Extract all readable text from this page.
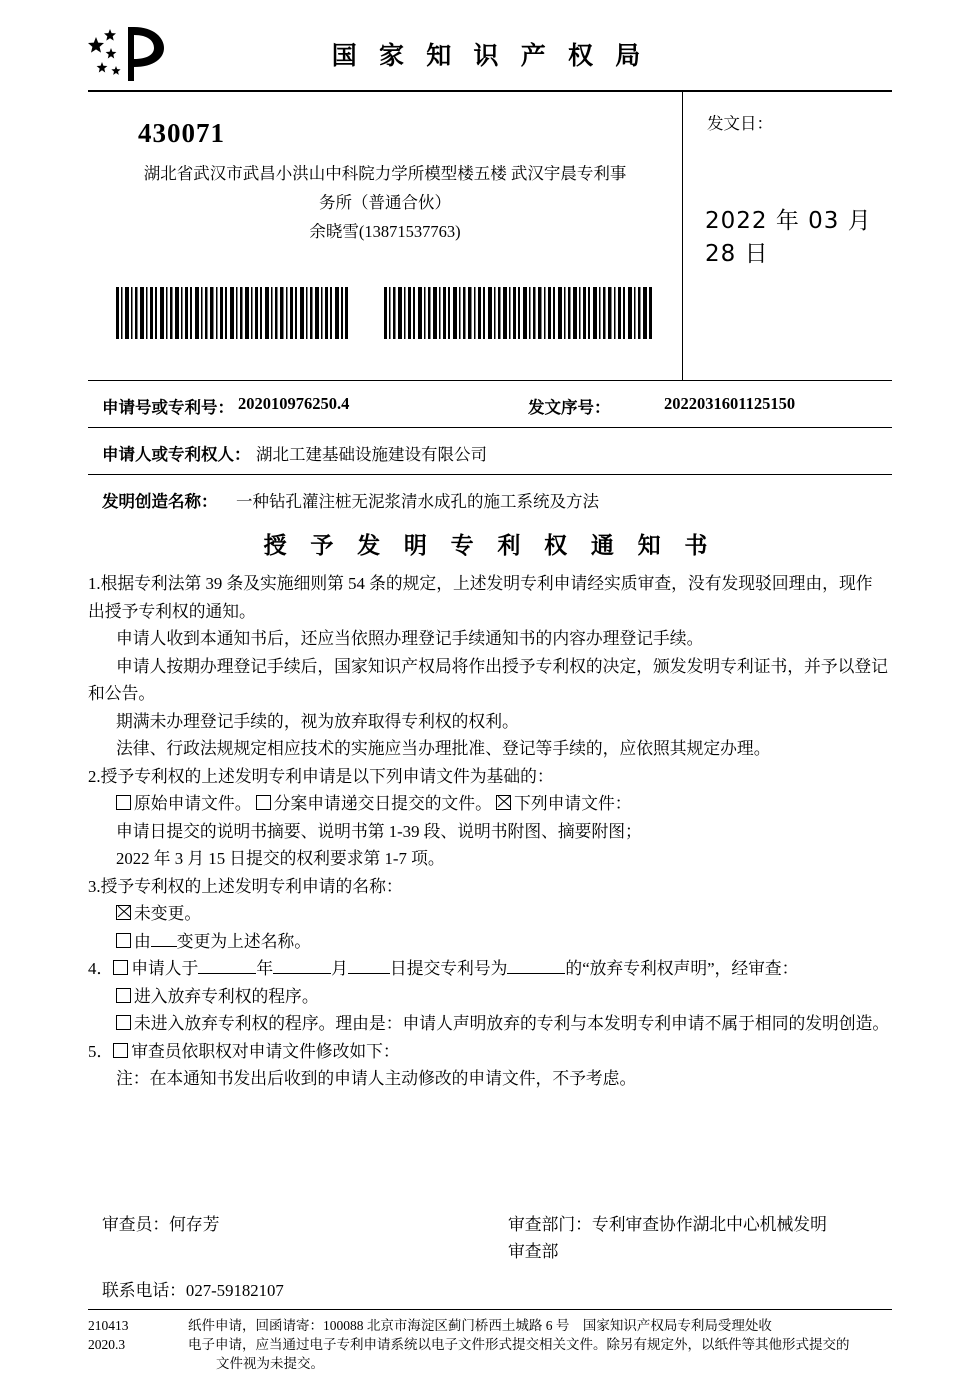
国 家 知 识 产 权 局
430071
湖北省武汉市武昌小洪山中科院力学所模型楼五楼 武汉宇晨专利事
务所（普通合伙）
余晓雪(13871537763)
发文日：
2022 年 03 月 28 日
申请号或专利号： 202010976250.4	发文序号：	2022031601125150
申请人或专利权人： 湖北工建基础设施建设有限公司
发明创造名称： 一种钻孔灌注桩无泥浆清水成孔的施工系统及方法
授 予 发 明 专 利 权 通 知 书

1.根据专利法第 39 条及实施细则第 54 条的规定，上述发明专利申请经实质审查，没有发现驳回理由，现作

出授予专利权的通知。

申请人收到本通知书后，还应当依照办理登记手续通知书的内容办理登记手续。

申请人按期办理登记手续后，国家知识产权局将作出授予专利权的决定，颁发发明专利证书，并予以登记

和公告。

期满未办理登记手续的，视为放弃取得专利权的权利。

法律、行政法规规定相应技术的实施应当办理批准、登记等手续的，应依照其规定办理。

2.授予专利权的上述发明专利申请是以下列申请文件为基础的：

原始申请文件。 分案申请递交日提交的文件。 下列申请文件：

申请日提交的说明书摘要、说明书第 1-39 段、说明书附图、摘要附图；

2022 年 3 月 15 日提交的权利要求第 1-7 项。

3.授予专利权的上述发明专利申请的名称：

未变更。

由 变更为上述名称。

4． 申请人于	年	月	日提交专利号为	的“放弃专利权声明”，经审查：

进入放弃专利权的程序。

未进入放弃专利权的程序。理由是：申请人声明放弃的专利与本发明专利申请不属于相同的发明创造。

5． 审查员依职权对申请文件修改如下：

注：在本通知书发出后收到的申请人主动修改的申请文件，不予考虑。

审查员：何存芳	审查部门：专利审查协作湖北中心机械发明
审查部
联系电话：027-59182107
210413
2020.3
纸件申请，回函请寄：100088 北京市海淀区蓟门桥西土城路 6 号　国家知识产权局专利局受理处收
电子申请，应当通过电子专利申请系统以电子文件形式提交相关文件。除另有规定外，以纸件等其他形式提交的
文件视为未提交。
